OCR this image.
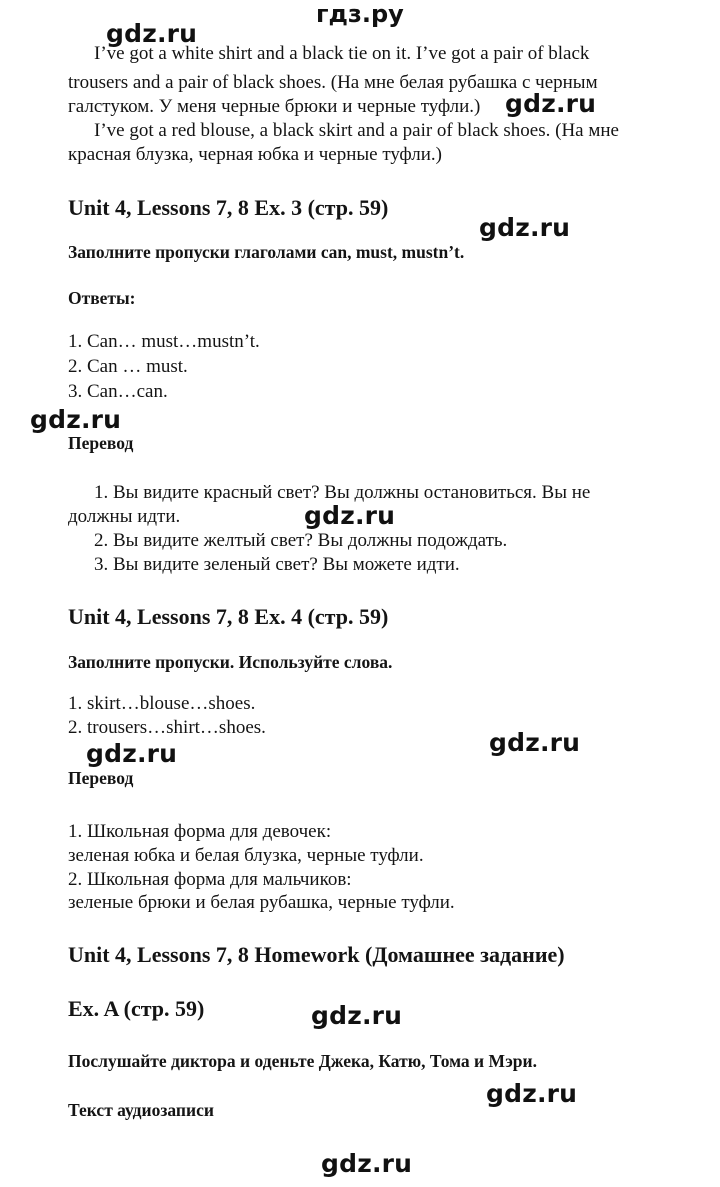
гдз.ру
I’ve got a white shirt and a black tie on it. I’ve got a pair of black
trousers and a pair of black shoes. (На мне белая рубашка с черным
галстуком. У меня черные брюки и черные туфли.)
I’ve got a red blouse, a black skirt and a pair of black shoes. (На мне
красная блузка, черная юбка и черные туфли.)
Unit 4, Lessons 7, 8 Ex. 3 (стр. 59)
Заполните пропуски глаголами can, must, mustn’t.
Ответы:
1. Can… must…mustn’t.
2. Can … must.
3. Can…can.
Перевод
1. Вы видите красный свет? Вы должны остановиться. Вы не
должны идти.
2. Вы видите желтый свет? Вы должны подождать.
3. Вы видите зеленый свет? Вы можете идти.
Unit 4, Lessons 7, 8 Ex. 4 (стр. 59)
Заполните пропуски. Используйте слова.
1. skirt…blouse…shoes.
2. trousers…shirt…shoes.
Перевод
1. Школьная форма для девочек:
зеленая юбка и белая блузка, черные туфли.
2. Школьная форма для мальчиков:
зеленые брюки и белая рубашка, черные туфли.
Unit 4, Lessons 7, 8 Homework (Домашнее задание)
Ex. A (стр. 59)
Послушайте диктора и оденьте Джека, Катю, Тома и Мэри.
Текст аудиозаписи
gdz.ru
gdz.ru
gdz.ru
gdz.ru
gdz.ru
gdz.ru	gdz.ru
gdz.ru
gdz.ru
gdz.ru
